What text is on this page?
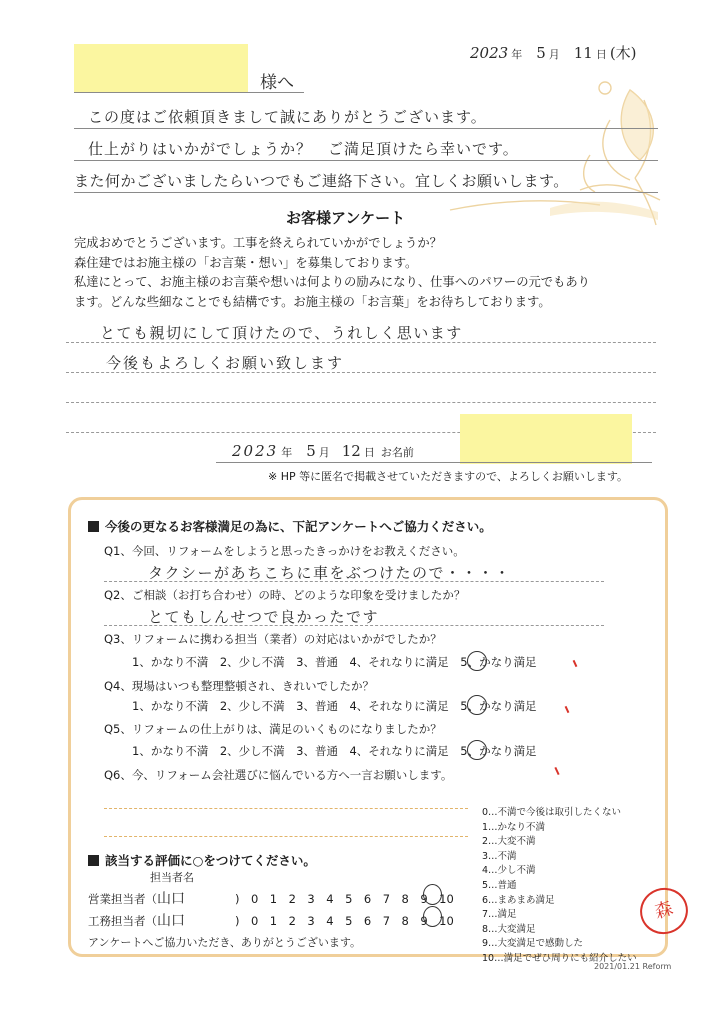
様へ
2023 年 5 月 11 日 (木)
この度はご依頼頂きまして誠にありがとうございます。
仕上がりはいかがでしょうか？　ご満足頂けたら幸いです。
また何かございましたらいつでもご連絡下さい。宜しくお願いします。
お客様アンケート
完成おめでとうございます。工事を終えられていかがでしょうか？
森住建ではお施主様の「お言葉・想い」を募集しております。
私達にとって、お施主様のお言葉や想いは何よりの励みになり、仕事へのパワーの元でもあり
ます。どんな些細なことでも結構です。お施主様の「お言葉」をお待ちしております。
とても親切にして頂けたので、うれしく思います
今後もよろしくお願い致します
2023 年 5 月 12 日 お名前
※ HP 等に匿名で掲載させていただきますので、よろしくお願いします。
今後の更なるお客様満足の為に、下記アンケートへご協力ください。
Q1、今回、リフォームをしようと思ったきっかけをお教えください。
タクシーがあちこちに車をぶつけたので・・・・
Q2、ご相談（お打ち合わせ）の時、どのような印象を受けましたか？
とてもしんせつで良かったです
Q3、リフォームに携わる担当（業者）の対応はいかがでしたか？
1、かなり不満　2、少し不満　3、普通　4、それなりに満足　5、かなり満足
Q4、現場はいつも整理整頓され、きれいでしたか？
1、かなり不満　2、少し不満　3、普通　4、それなりに満足　5、かなり満足
Q5、リフォームの仕上がりは、満足のいくものになりましたか？
1、かなり不満　2、少し不満　3、普通　4、それなりに満足　5、かなり満足
Q6、今、リフォーム会社選びに悩んでいる方へ一言お願いします。
該当する評価に○をつけてください。
担当者名
営業担当者（山口	)　0　1　2　3　4　5　6　7　8　9　10
工務担当者（山口	)　0　1　2　3　4　5　6　7　8　9　10
アンケートへご協力いただき、ありがとうございます。
0…不満で今後は取引したくない
1…かなり不満
2…大変不満
3…不満
4…少し不満
5…普通
6…まあまあ満足
7…満足
8…大変満足
9…大変満足で感動した
10…満足でぜひ周りにも紹介したい
森
2021/01.21 Reform
